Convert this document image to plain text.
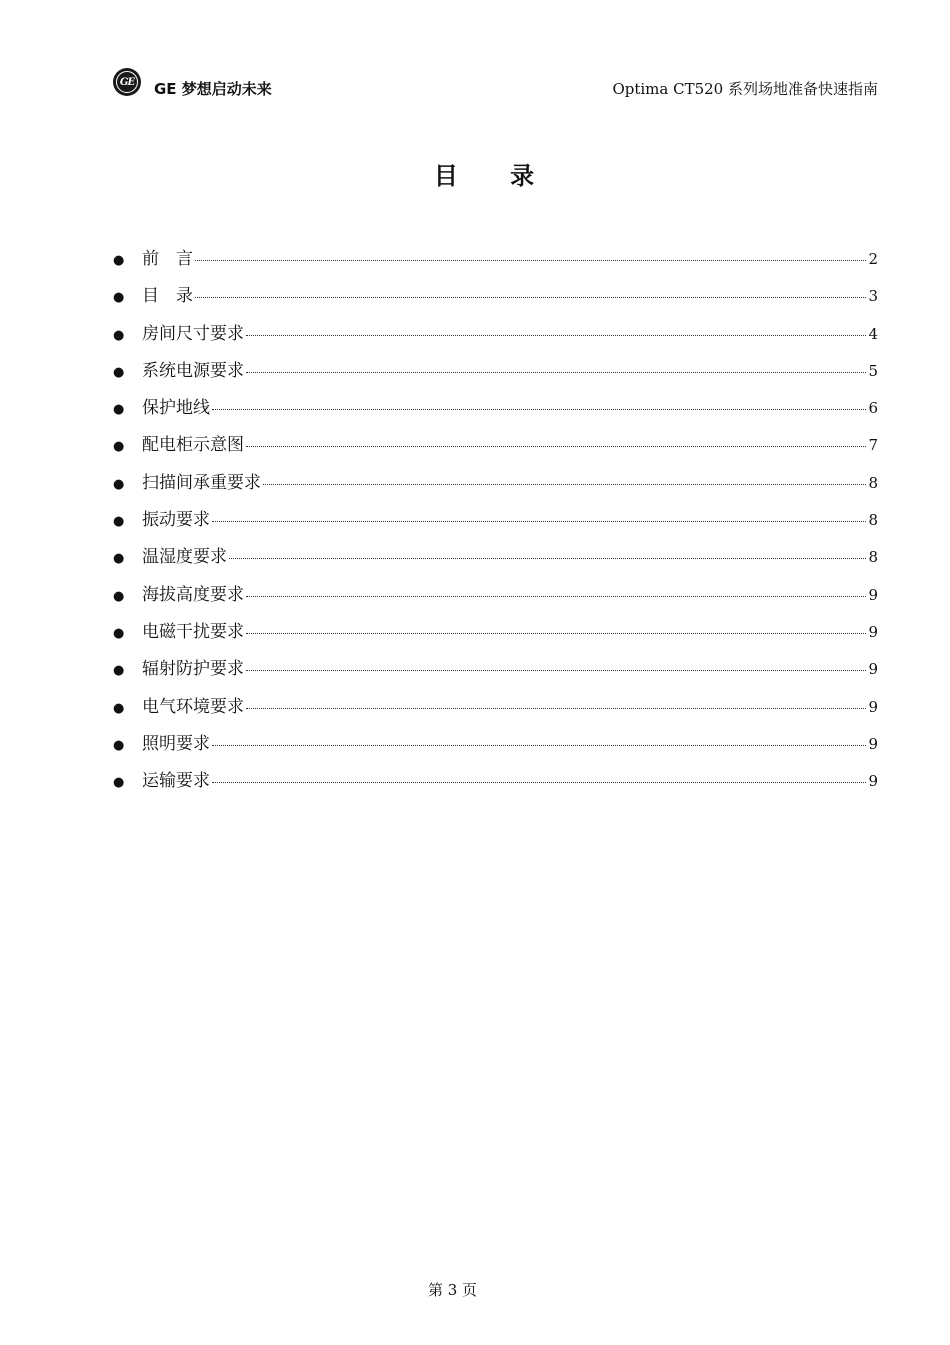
GE GE 梦想启动未来	Optima CT520 系列场地准备快速指南
目 录
●	前　言	2
●	目　录	3
●	房间尺寸要求	4
●	系统电源要求	5
●	保护地线	6
●	配电柜示意图	7
●	扫描间承重要求	8
●	振动要求	8
●	温湿度要求	8
●	海拔高度要求	9
●	电磁干扰要求	9
●	辐射防护要求	9
●	电气环境要求	9
●	照明要求	9
●	运输要求	9
第 3 页
